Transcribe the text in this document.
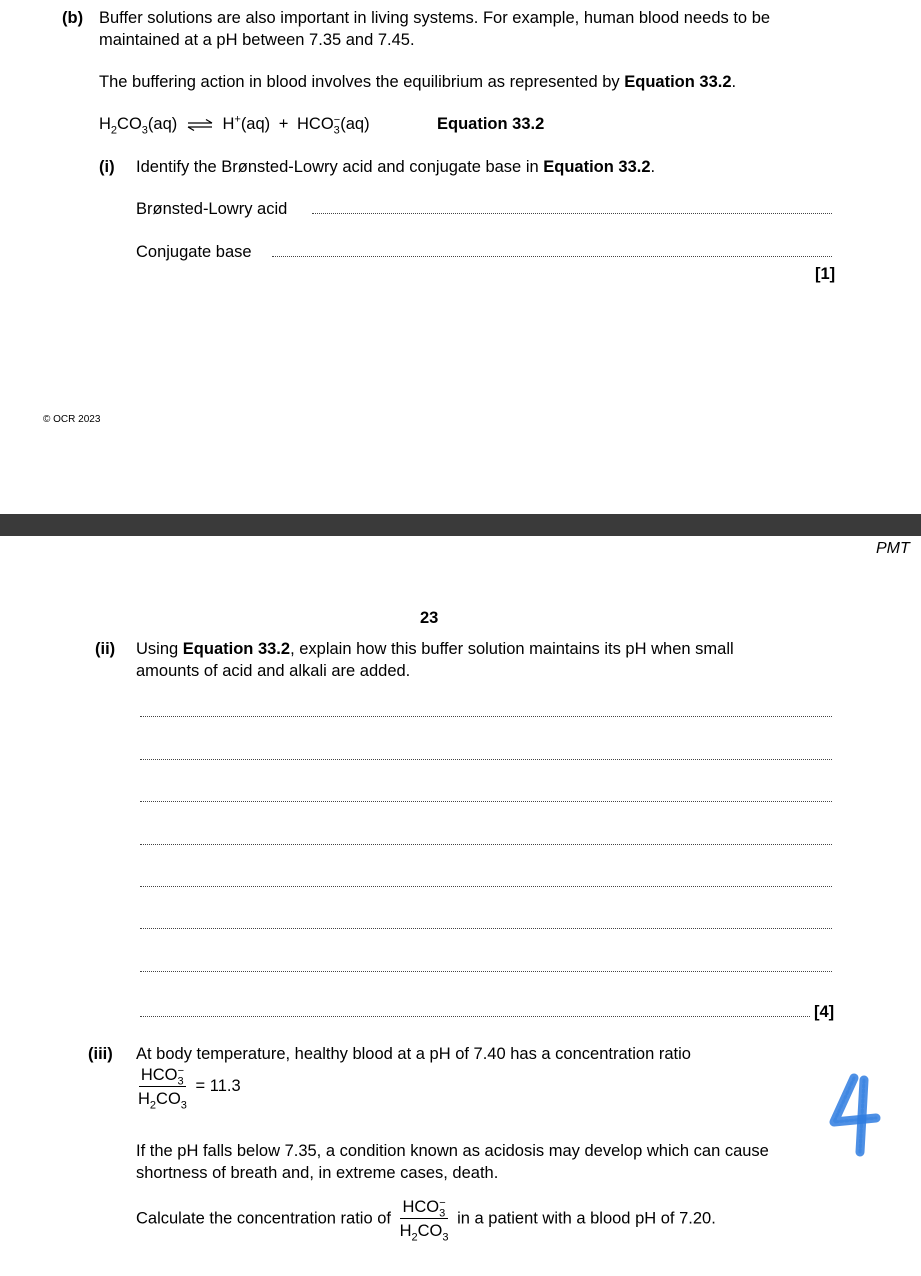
(b) Buffer solutions are also important in living systems. For example, human blood needs to be
maintained at a pH between 7.35 and 7.45.
The buffering action in blood involves the equilibrium as represented by Equation 33.2.
$H_2CO_3(aq)$ ⇌ $H^+(aq) + HCO_3^-(aq)$	Equation 33.2
(i) Identify the Brønsted-Lowry acid and conjugate base in Equation 33.2.
Brønsted-Lowry acid
Conjugate base
[1]
© OCR 2023
PMT
23
(ii) Using Equation 33.2, explain how this buffer solution maintains its pH when small
amounts of acid and alkali are added.
[4]
(iii) At body temperature, healthy blood at a pH of 7.40 has a concentration ratio
$\frac{HCO_3^-}{H_2CO_3} = 11.3$
If the pH falls below 7.35, a condition known as acidosis may develop which can cause
shortness of breath and, in extreme cases, death.
Calculate the concentration ratio of $\frac{HCO_3^-}{H_2CO_3}$ in a patient with a blood pH of 7.20.
